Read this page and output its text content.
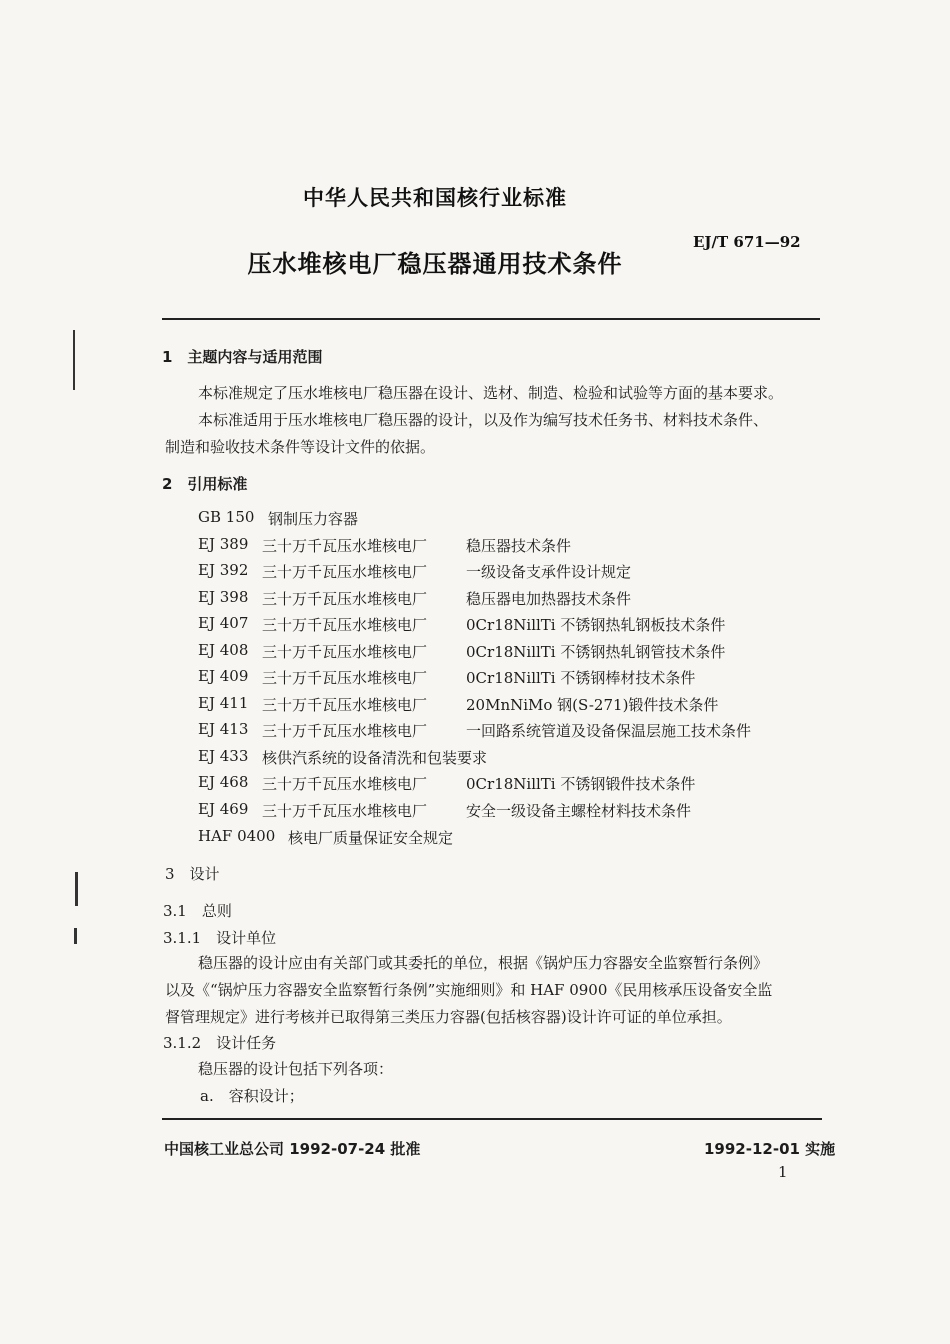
中华人民共和国核行业标准
压水堆核电厂稳压器通用技术条件
EJ/T 671—92
1　主题内容与适用范围
本标准规定了压水堆核电厂稳压器在设计、选材、制造、检验和试验等方面的基本要求。
本标准适用于压水堆核电厂稳压器的设计，以及作为编写技术任务书、材料技术条件、
制造和验收技术条件等设计文件的依据。
2　引用标准
GB 150 钢制压力容器
EJ 389 三十万千瓦压水堆核电厂	稳压器技术条件
EJ 392 三十万千瓦压水堆核电厂	一级设备支承件设计规定
EJ 398 三十万千瓦压水堆核电厂	稳压器电加热器技术条件
EJ 407 三十万千瓦压水堆核电厂	0Cr18NillTi 不锈钢热轧钢板技术条件
EJ 408 三十万千瓦压水堆核电厂	0Cr18NillTi 不锈钢热轧钢管技术条件
EJ 409 三十万千瓦压水堆核电厂	0Cr18NillTi 不锈钢棒材技术条件
EJ 411 三十万千瓦压水堆核电厂	20MnNiMo 钢(S-271)锻件技术条件
EJ 413 三十万千瓦压水堆核电厂	一回路系统管道及设备保温层施工技术条件
EJ 433 核供汽系统的设备清洗和包装要求
EJ 468 三十万千瓦压水堆核电厂	0Cr18NillTi 不锈钢锻件技术条件
EJ 469 三十万千瓦压水堆核电厂	安全一级设备主螺栓材料技术条件
HAF 0400 核电厂质量保证安全规定
3　设计
3.1　总则
3.1.1　设计单位
稳压器的设计应由有关部门或其委托的单位，根据《锅炉压力容器安全监察暂行条例》
以及《“锅炉压力容器安全监察暂行条例”实施细则》和 HAF 0900《民用核承压设备安全监
督管理规定》进行考核并已取得第三类压力容器(包括核容器)设计许可证的单位承担。
3.1.2　设计任务
稳压器的设计包括下列各项：
a.　容积设计；
中国核工业总公司 1992-07-24 批准	1992-12-01 实施
1
